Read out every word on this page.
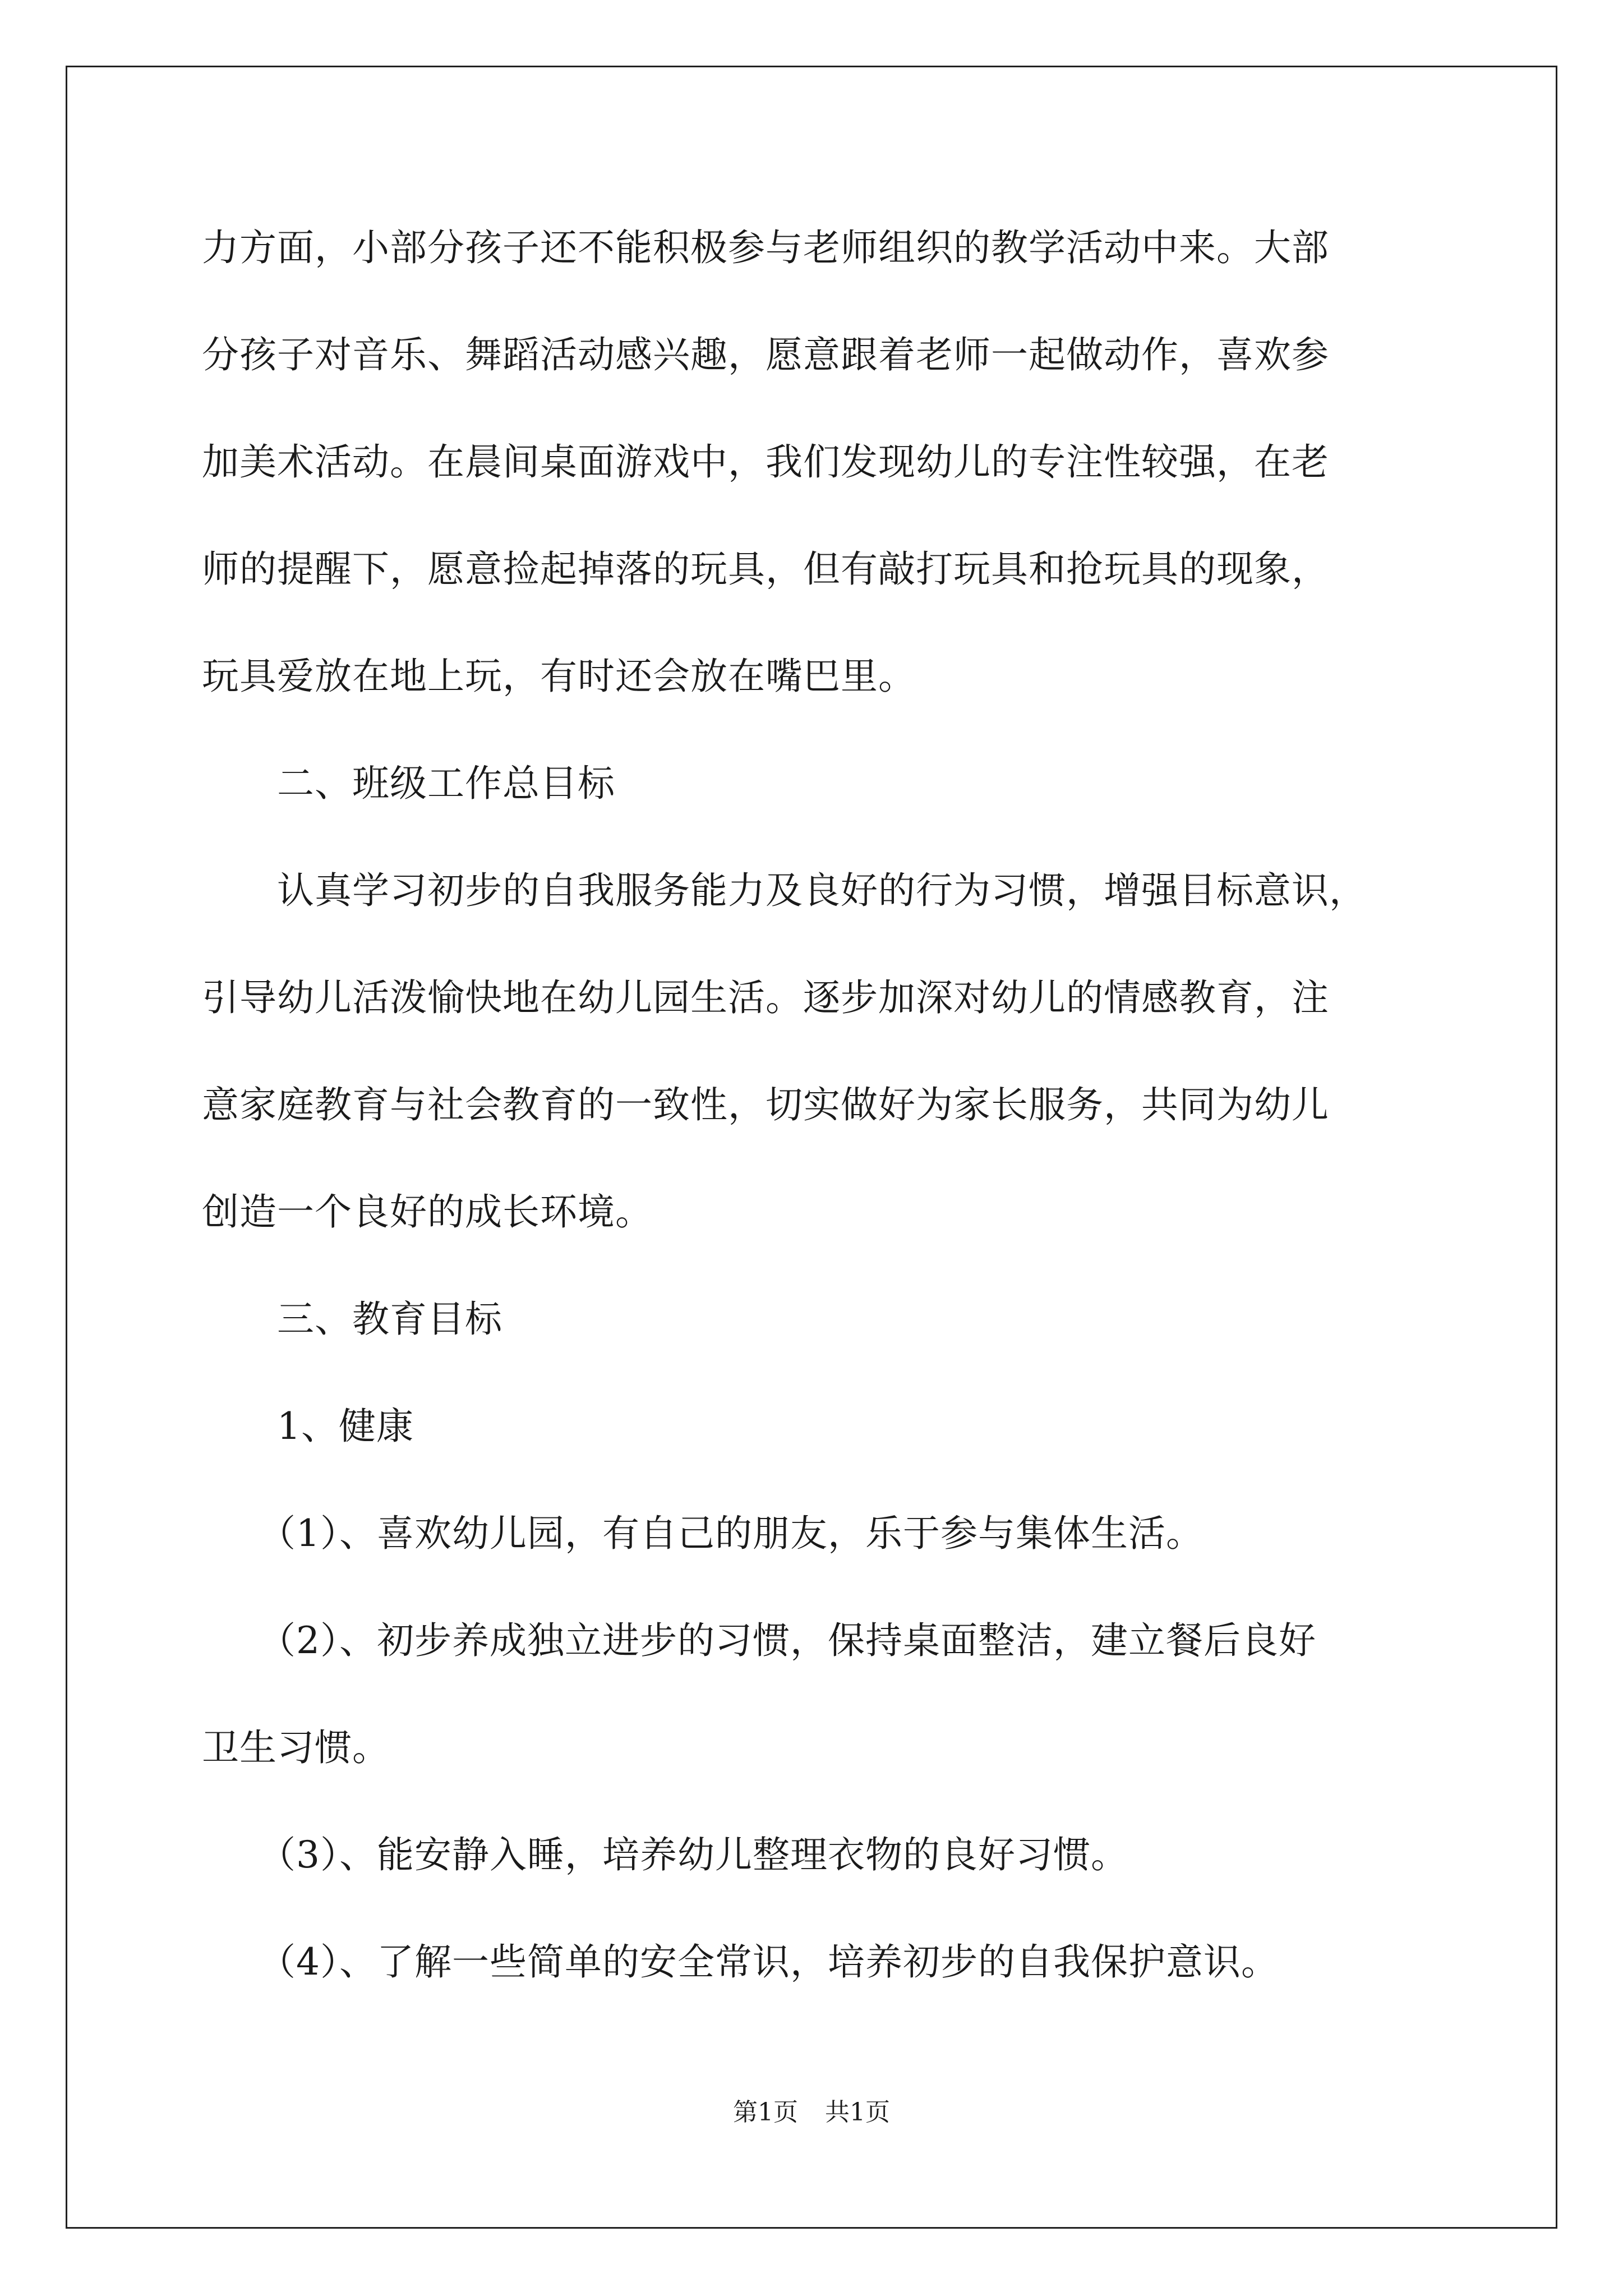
力方面，小部分孩子还不能积极参与老师组织的教学活动中来。大部
分孩子对音乐、舞蹈活动感兴趣，愿意跟着老师一起做动作，喜欢参
加美术活动。在晨间桌面游戏中，我们发现幼儿的专注性较强，在老
师的提醒下，愿意捡起掉落的玩具，但有敲打玩具和抢玩具的现象，
玩具爱放在地上玩，有时还会放在嘴巴里。
　　二、班级工作总目标
　　认真学习初步的自我服务能力及良好的行为习惯，增强目标意识，
引导幼儿活泼愉快地在幼儿园生活。逐步加深对幼儿的情感教育，注
意家庭教育与社会教育的一致性，切实做好为家长服务，共同为幼儿
创造一个良好的成长环境。
　　三、教育目标
　　1、健康
　　（1）、喜欢幼儿园，有自己的朋友，乐于参与集体生活。
　　（2）、初步养成独立进步的习惯，保持桌面整洁，建立餐后良好
卫生习惯。
　　（3）、能安静入睡，培养幼儿整理衣物的良好习惯。
　　（4）、了解一些简单的安全常识，培养初步的自我保护意识。
第1页 共1页
